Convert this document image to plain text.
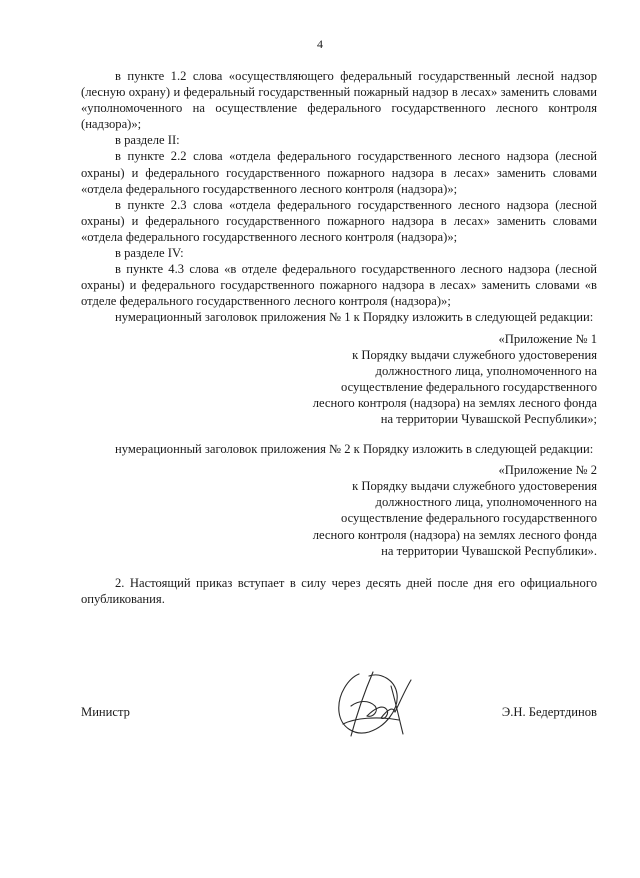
4

в пункте 1.2 слова «осуществляющего федеральный государственный лесной надзор (лесную охрану) и федеральный государственный пожарный надзор в лесах» заменить словами «уполномоченного на осуществление федерального государственного лесного контроля (надзора)»;

в разделе II:

в пункте 2.2 слова «отдела федерального государственного лесного надзора (лесной охраны) и федерального государственного пожарного надзора в лесах» заменить словами «отдела федерального государственного лесного контроля (надзора)»;

в пункте 2.3 слова «отдела федерального государственного лесного надзора (лесной охраны) и федерального государственного пожарного надзора в лесах» заменить словами «отдела федерального государственного лесного контроля (надзора)»;

в разделе IV:

в пункте 4.3 слова «в отделе федерального государственного лесного надзора (лесной охраны) и федерального государственного пожарного надзора в лесах» заменить словами «в отделе федерального государственного лесного контроля (надзора)»;

нумерационный заголовок приложения № 1 к Порядку изложить в следующей редакции:

«Приложение № 1
к Порядку выдачи служебного удостоверения
должностного лица, уполномоченного на
осуществление федерального государственного
лесного контроля (надзора) на землях лесного фонда
на территории Чувашской Республики»;

нумерационный заголовок приложения № 2 к Порядку изложить в следующей редакции:

«Приложение № 2
к Порядку выдачи служебного удостоверения
должностного лица, уполномоченного на
осуществление федерального государственного
лесного контроля (надзора) на землях лесного фонда
на территории Чувашской Республики».

2. Настоящий приказ вступает в силу через десять дней после дня его официального опубликования.

Министр	Э.Н. Бедертдинов
